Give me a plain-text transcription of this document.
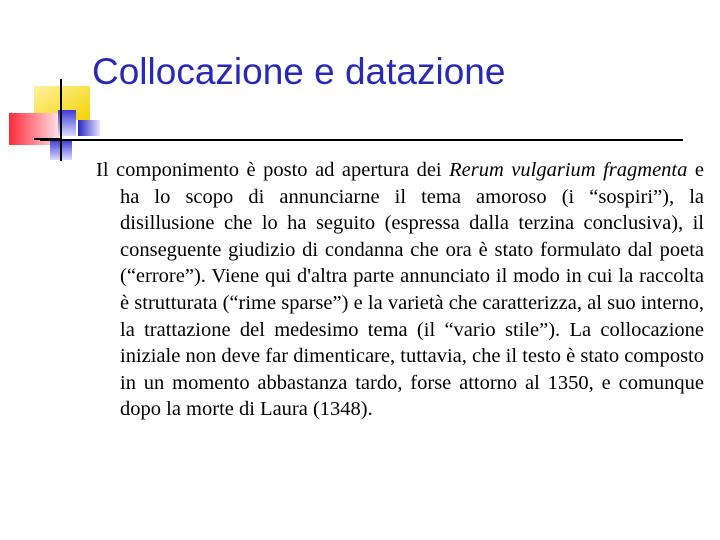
Collocazione e datazione

Il componimento è posto ad apertura dei Rerum vulgarium fragmenta e ha lo scopo di annunciarne il tema amoroso (i “sospiri”), la disillusione che lo ha seguito (espressa dalla terzina conclusiva), il conseguente giudizio di condanna che ora è stato formulato dal poeta (“errore”). Viene qui d'altra parte annunciato il modo in cui la raccolta è strutturata (“rime sparse”) e la varietà che caratterizza, al suo interno, la trattazione del medesimo tema (il “vario stile”). La collocazione iniziale non deve far dimenticare, tuttavia, che il testo è stato composto in un momento abbastanza tardo, forse attorno al 1350, e comunque dopo la morte di Laura (1348).
